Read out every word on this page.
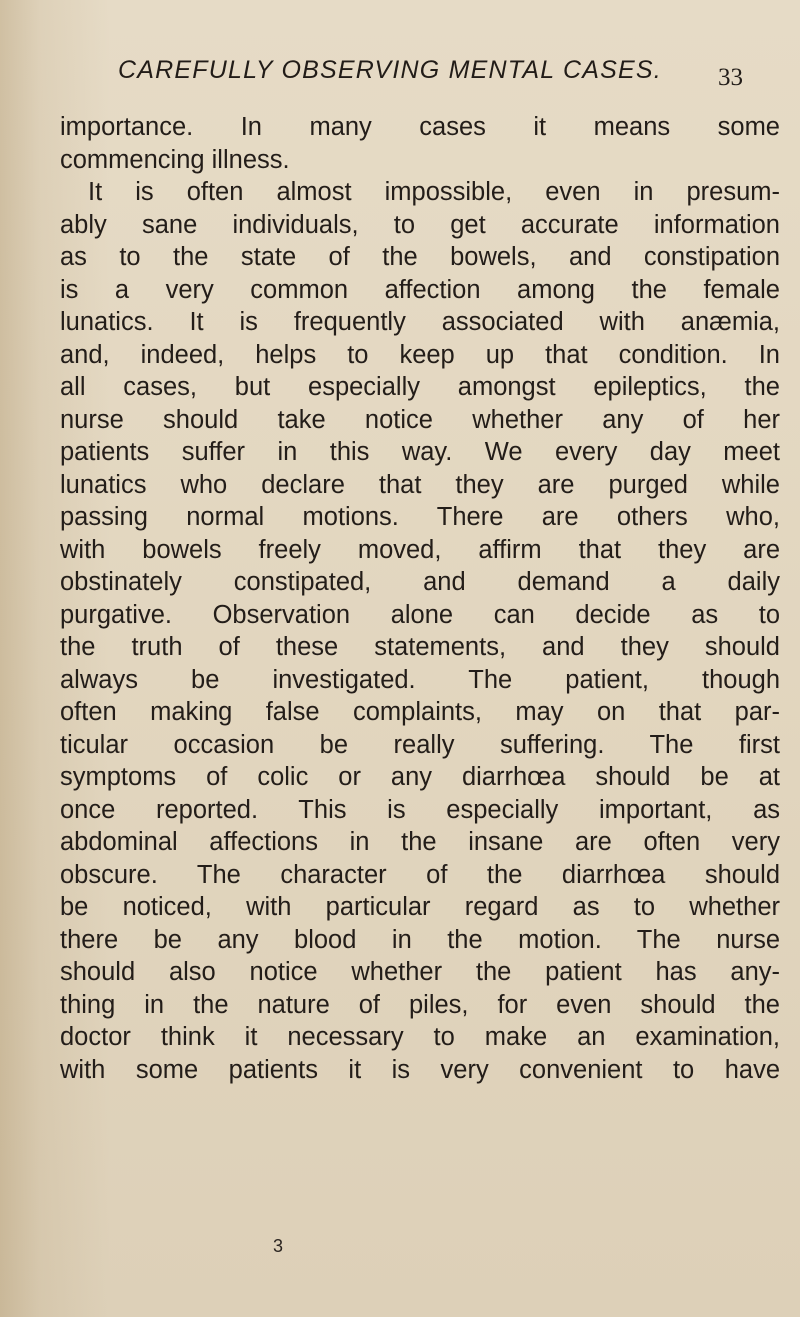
CAREFULLY OBSERVING MENTAL CASES. 33
importance. In many cases it means some
commencing illness.
It is often almost impossible, even in presum-
ably sane individuals, to get accurate information
as to the state of the bowels, and constipation
is a very common affection among the female
lunatics. It is frequently associated with anæmia,
and, indeed, helps to keep up that condition. In
all cases, but especially amongst epileptics, the
nurse should take notice whether any of her
patients suffer in this way. We every day meet
lunatics who declare that they are purged while
passing normal motions. There are others who,
with bowels freely moved, affirm that they are
obstinately constipated, and demand a daily
purgative. Observation alone can decide as to
the truth of these statements, and they should
always be investigated. The patient, though
often making false complaints, may on that par-
ticular occasion be really suffering. The first
symptoms of colic or any diarrhœa should be at
once reported. This is especially important, as
abdominal affections in the insane are often very
obscure. The character of the diarrhœa should
be noticed, with particular regard as to whether
there be any blood in the motion. The nurse
should also notice whether the patient has any-
thing in the nature of piles, for even should the
doctor think it necessary to make an examination,
with some patients it is very convenient to have
3
